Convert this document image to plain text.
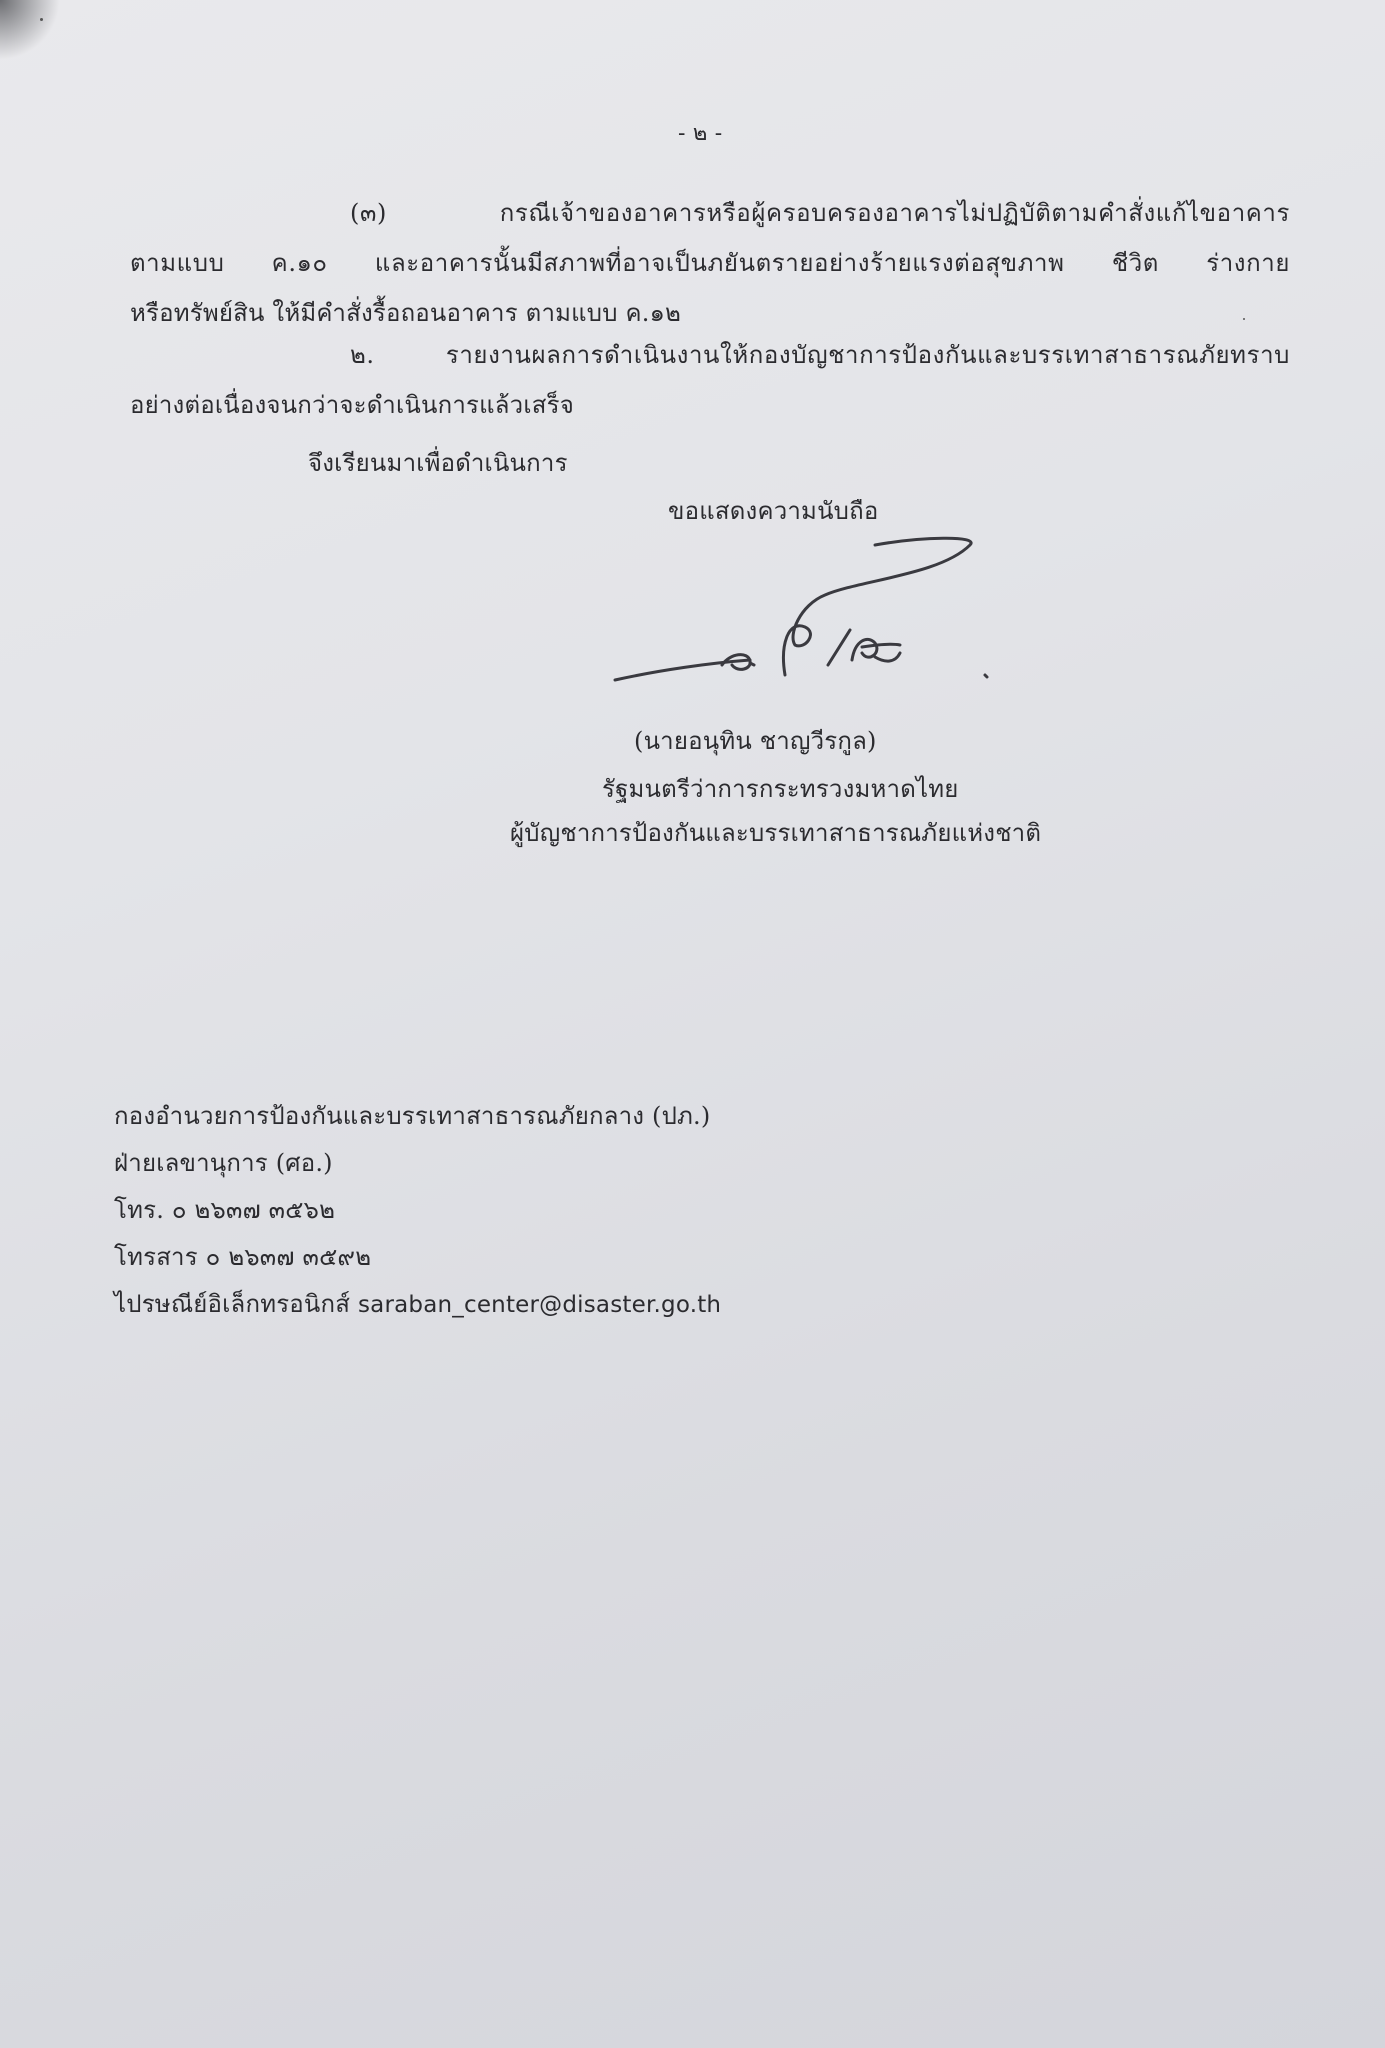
- ๒ -
(๓) กรณีเจ้าของอาคารหรือผู้ครอบครองอาคารไม่ปฏิบัติตามคำสั่งแก้ไขอาคาร
ตามแบบ ค.๑๐ และอาคารนั้นมีสภาพที่อาจเป็นภยันตรายอย่างร้ายแรงต่อสุขภาพ ชีวิต ร่างกาย
หรือทรัพย์สิน ให้มีคำสั่งรื้อถอนอาคาร ตามแบบ ค.๑๒
๒. รายงานผลการดำเนินงานให้กองบัญชาการป้องกันและบรรเทาสาธารณภัยทราบ
อย่างต่อเนื่องจนกว่าจะดำเนินการแล้วเสร็จ
จึงเรียนมาเพื่อดำเนินการ
ขอแสดงความนับถือ
(นายอนุทิน ชาญวีรกูล)
รัฐมนตรีว่าการกระทรวงมหาดไทย
ผู้บัญชาการป้องกันและบรรเทาสาธารณภัยแห่งชาติ
กองอำนวยการป้องกันและบรรเทาสาธารณภัยกลาง (ปภ.)
ฝ่ายเลขานุการ (ศอ.)
โทร. ๐ ๒๖๓๗ ๓๕๖๒
โทรสาร ๐ ๒๖๓๗ ๓๕๙๒
ไปรษณีย์อิเล็กทรอนิกส์ saraban_center@disaster.go.th
